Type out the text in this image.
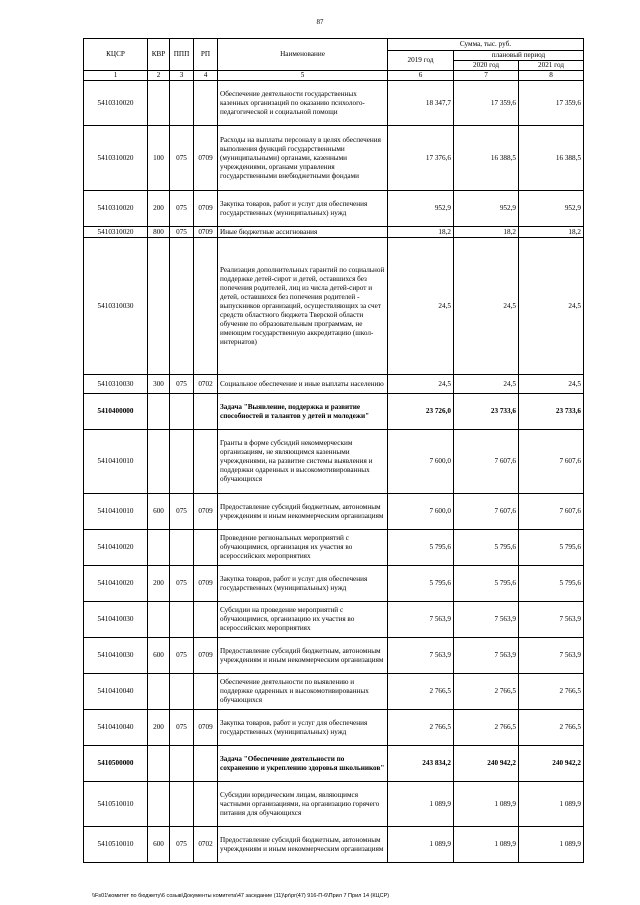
87
КЦСР	КВР	ППП	РП	Наименование	Сумма, тыс. руб.		
					2019 год	плановый период	
						2020 год	2021 год
1	2	3	4	5	6	7	8
5410310020				Обеспечение деятельности государственных казенных организаций по оказанию психолого-педагогической и социальной помощи	18 347,7	17 359,6	17 359,6
5410310020	100	075	0709	Расходы на выплаты персоналу в целях обеспечения выполнения функций государственными (муниципальными) органами, казенными учреждениями, органами управления государственными внебюджетными фондами	17 376,6	16 388,5	16 388,5
5410310020	200	075	0709	Закупка товаров, работ и услуг для обеспечения государственных (муниципальных) нужд	952,9	952,9	952,9
5410310020	800	075	0709	Иные бюджетные ассигнования	18,2	18,2	18,2
5410310030				Реализация дополнительных гарантий по социальной поддержке детей-сирот и детей, оставшихся без попечения родителей, лиц из числа детей-сирот и детей, оставшихся без попечения родителей - выпускников организаций, осуществляющих за счет средств областного бюджета Тверской области обучение по образовательным программам, не имеющим государственную аккредитацию (школ-интернатов)	24,5	24,5	24,5
5410310030	300	075	0702	Социальное обеспечение и иные выплаты населению	24,5	24,5	24,5
5410400000				Задача "Выявление, поддержка и развитие способностей и талантов у детей и молодежи"	23 726,0	23 733,6	23 733,6
5410410010				Гранты в форме субсидий некоммерческим организациям, не являющимся казенными учреждениями, на развитие системы выявления и поддержки одаренных и высокомотивированных обучающихся	7 600,0	7 607,6	7 607,6
5410410010	600	075	0709	Предоставление субсидий бюджетным, автономным учреждениям и иным некоммерческим организациям	7 600,0	7 607,6	7 607,6
5410410020				Проведение региональных мероприятий с обучающимися, организация их участия во всероссийских мероприятиях	5 795,6	5 795,6	5 795,6
5410410020	200	075	0709	Закупка товаров, работ и услуг для обеспечения государственных (муниципальных) нужд	5 795,6	5 795,6	5 795,6
5410410030				Субсидии на проведение мероприятий с обучающимися, организацию их участия во всероссийских мероприятиях	7 563,9	7 563,9	7 563,9
5410410030	600	075	0709	Предоставление субсидий бюджетным, автономным учреждениям и иным некоммерческим организациям	7 563,9	7 563,9	7 563,9
5410410040				Обеспечение деятельности по выявлению и поддержке одаренных и высокомотивированных обучающихся	2 766,5	2 766,5	2 766,5
5410410040	200	075	0709	Закупка товаров, работ и услуг для обеспечения государственных (муниципальных) нужд	2 766,5	2 766,5	2 766,5
5410500000				Задача "Обеспечение деятельности по сохранению и укреплению здоровья школьников"	243 834,2	240 942,2	240 942,2
5410510010				Субсидии юридическим лицам, являющимся частными организациями, на организацию горячего питания для обучающихся	1 089,9	1 089,9	1 089,9
5410510010	600	075	0702	Предоставление субсидий бюджетным, автономным учреждениям и иным некоммерческим организациям	1 089,9	1 089,9	1 089,9
\\Fs01\комитет по бюджету\6 созыв\Документы комитета\47 заседание (11)\pr\pr(47) 916-П-6\Прил 7 Прил 14 (КЦСР)
